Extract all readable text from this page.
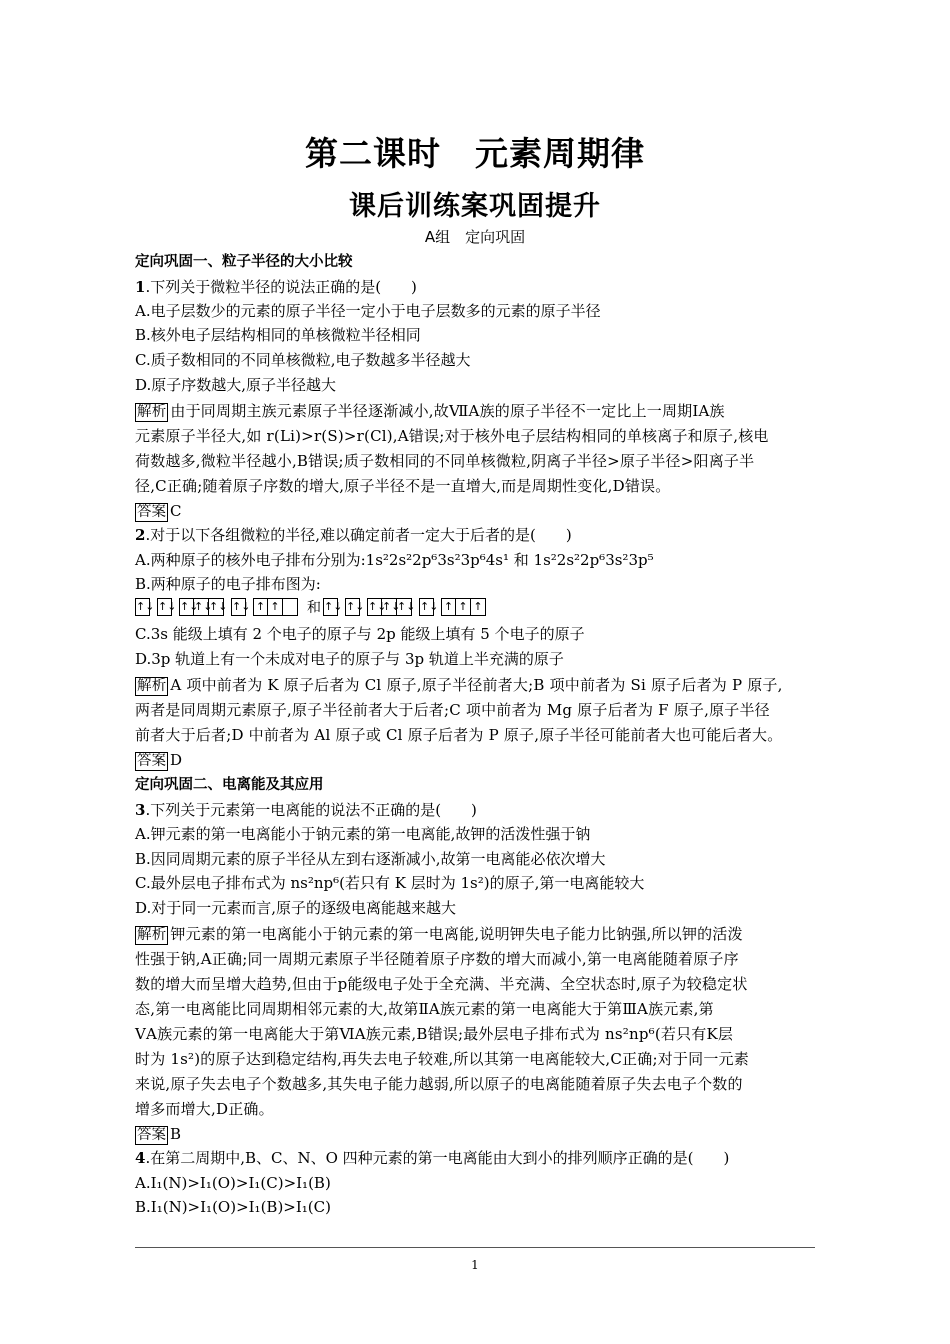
第二课时　元素周期律
课后训练案巩固提升
A组　定向巩固
定向巩固一、粒子半径的大小比较
1.下列关于微粒半径的说法正确的是(　　)
A.电子层数少的元素的原子半径一定小于电子层数多的元素的原子半径
B.核外电子层结构相同的单核微粒半径相同
C.质子数相同的不同单核微粒,电子数越多半径越大
D.原子序数越大,原子半径越大
解析 由于同周期主族元素原子半径逐渐减小,故ⅦA族的原子半径不一定比上一周期ⅠA族
元素原子半径大,如 r(Li)>r(S)>r(Cl),A错误;对于核外电子层结构相同的单核离子和原子,核电
荷数越多,微粒半径越小,B错误;质子数相同的不同单核微粒,阴离子半径>原子半径>阳离子半
径,C正确;随着原子序数的增大,原子半径不是一直增大,而是周期性变化,D错误。
答案 C
2.对于以下各组微粒的半径,难以确定前者一定大于后者的是(　　)
A.两种原子的核外电子排布分别为:1s²2s²2p⁶3s²3p⁶4s¹ 和 1s²2s²2p⁶3s²3p⁵
B.两种原子的电子排布图为:
↑↓ ↑↓ ↑↓
↑↓
↑↓ ↑↓ ↑ ↑ 和 ↑↓ ↑↓ ↑↓
↑↓
↑↓ ↑↓ ↑ ↑ ↑
C.3s 能级上填有 2 个电子的原子与 2p 能级上填有 5 个电子的原子
D.3p 轨道上有一个未成对电子的原子与 3p 轨道上半充满的原子
解析 A 项中前者为 K 原子后者为 Cl 原子,原子半径前者大;B 项中前者为 Si 原子后者为 P 原子,
两者是同周期元素原子,原子半径前者大于后者;C 项中前者为 Mg 原子后者为 F 原子,原子半径
前者大于后者;D 中前者为 Al 原子或 Cl 原子后者为 P 原子,原子半径可能前者大也可能后者大。
答案 D
定向巩固二、电离能及其应用
3.下列关于元素第一电离能的说法不正确的是(　　)
A.钾元素的第一电离能小于钠元素的第一电离能,故钾的活泼性强于钠
B.因同周期元素的原子半径从左到右逐渐减小,故第一电离能必依次增大
C.最外层电子排布式为 ns²np⁶(若只有 K 层时为 1s²)的原子,第一电离能较大
D.对于同一元素而言,原子的逐级电离能越来越大
解析 钾元素的第一电离能小于钠元素的第一电离能,说明钾失电子能力比钠强,所以钾的活泼
性强于钠,A正确;同一周期元素原子半径随着原子序数的增大而减小,第一电离能随着原子序
数的增大而呈增大趋势,但由于p能级电子处于全充满、半充满、全空状态时,原子为较稳定状
态,第一电离能比同周期相邻元素的大,故第ⅡA族元素的第一电离能大于第ⅢA族元素,第
ⅤA族元素的第一电离能大于第ⅥA族元素,B错误;最外层电子排布式为 ns²np⁶(若只有K层
时为 1s²)的原子达到稳定结构,再失去电子较难,所以其第一电离能较大,C正确;对于同一元素
来说,原子失去电子个数越多,其失电子能力越弱,所以原子的电离能随着原子失去电子个数的
增多而增大,D正确。
答案 B
4.在第二周期中,B、C、N、O 四种元素的第一电离能由大到小的排列顺序正确的是(　　)
A.I₁(N)>I₁(O)>I₁(C)>I₁(B)
B.I₁(N)>I₁(O)>I₁(B)>I₁(C)
1
